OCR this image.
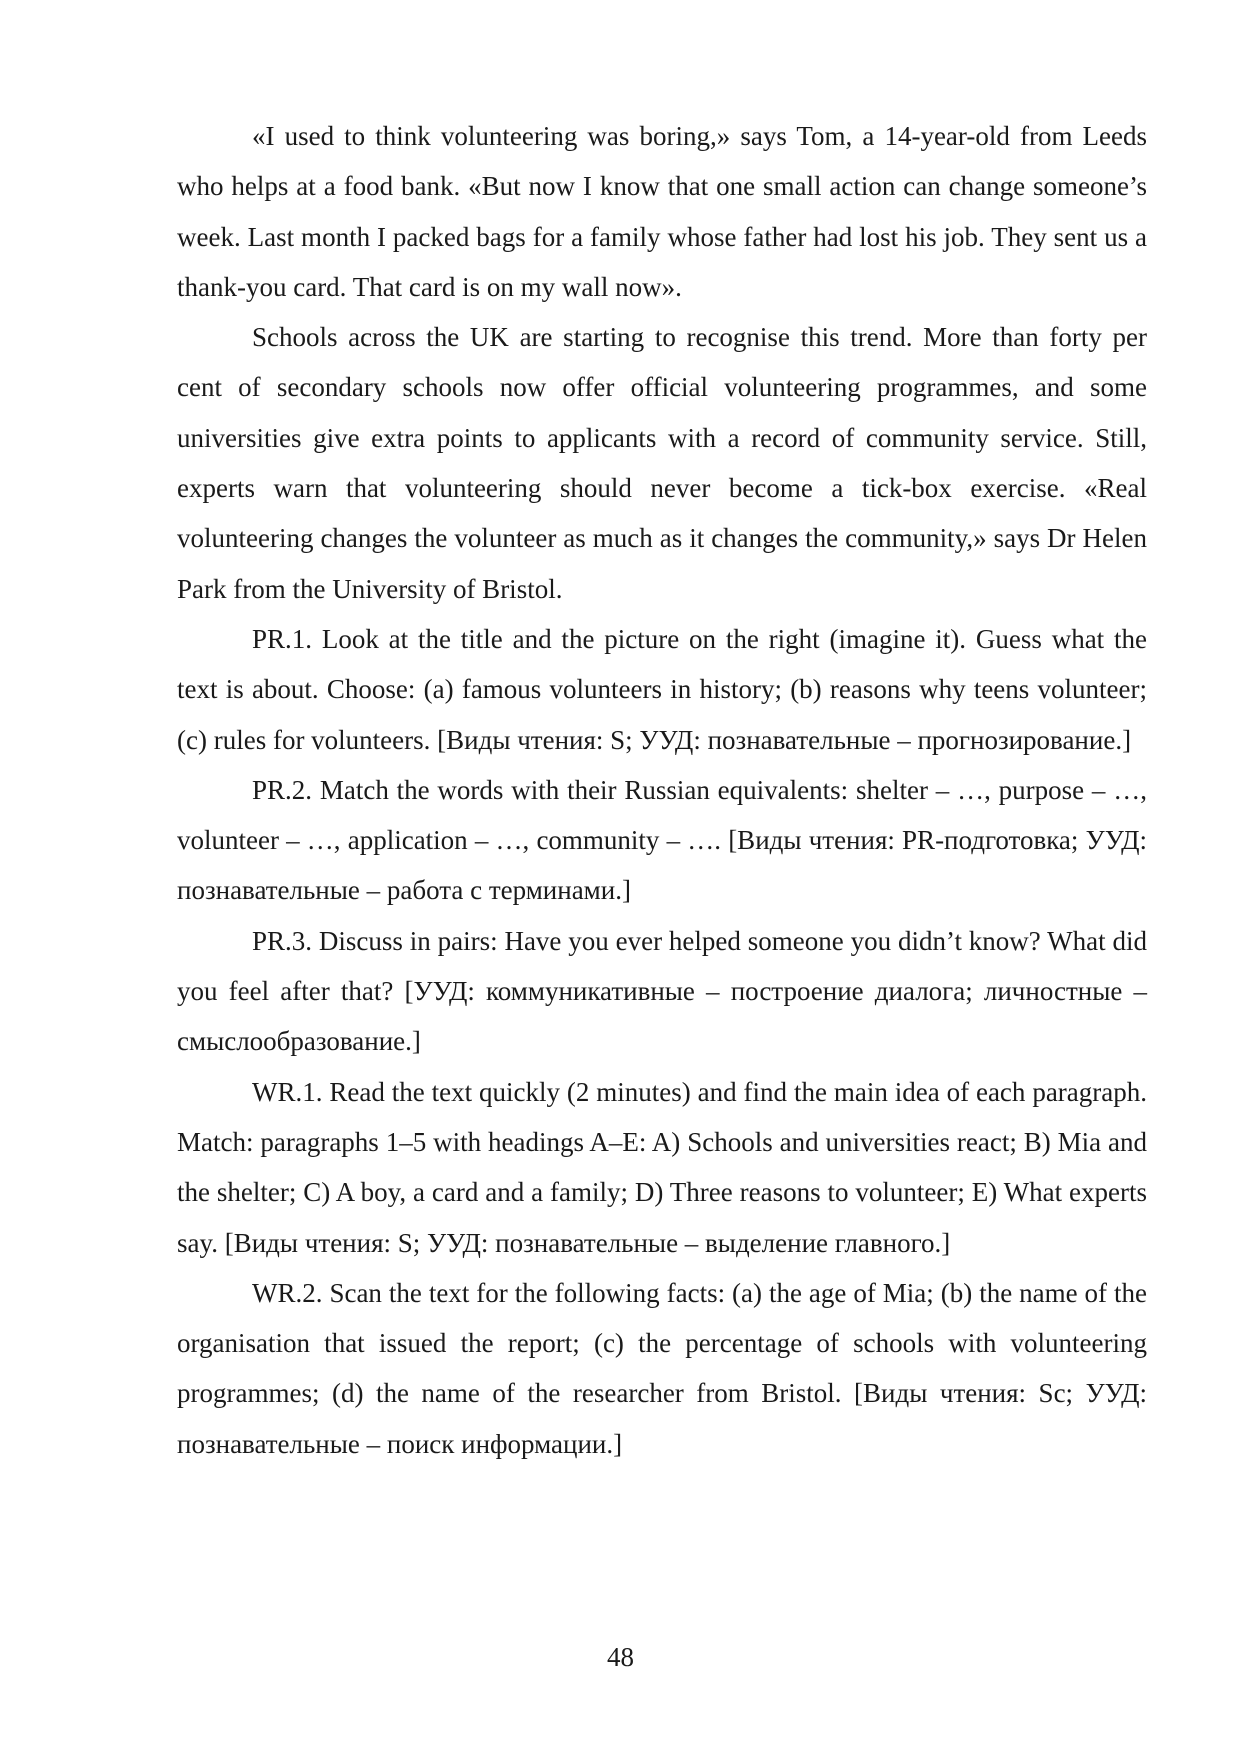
«I used to think volunteering was boring,» says Tom, a 14-year-old from Leeds who helps at a food bank. «But now I know that one small action can change someone’s week. Last month I packed bags for a family whose father had lost his job. They sent us a thank-you card. That card is on my wall now».

Schools across the UK are starting to recognise this trend. More than forty per cent of secondary schools now offer official volunteering programmes, and some universities give extra points to applicants with a record of community service. Still, experts warn that volunteering should never become a tick-box exercise. «Real volunteering changes the volunteer as much as it changes the community,» says Dr Helen Park from the University of Bristol.

PR.1. Look at the title and the picture on the right (imagine it). Guess what the text is about. Choose: (a) famous volunteers in history; (b) reasons why teens volunteer; (c) rules for volunteers. [Виды чтения: S; УУД: познавательные – прогнозирование.]

PR.2. Match the words with their Russian equivalents: shelter – …, purpose – …, volunteer – …, application – …, community – …. [Виды чтения: PR-подготовка; УУД: познавательные – работа с терминами.]

PR.3. Discuss in pairs: Have you ever helped someone you didn’t know? What did you feel after that? [УУД: коммуникативные – построение диалога; личностные – смыслообразование.]

WR.1. Read the text quickly (2 minutes) and find the main idea of each paragraph. Match: paragraphs 1–5 with headings A–E: A) Schools and universities react; B) Mia and the shelter; C) A boy, a card and a family; D) Three reasons to volunteer; E) What experts say. [Виды чтения: S; УУД: познавательные – выделение главного.]

WR.2. Scan the text for the following facts: (a) the age of Mia; (b) the name of the organisation that issued the report; (c) the percentage of schools with volunteering programmes; (d) the name of the researcher from Bristol. [Виды чтения: Sc; УУД: познавательные – поиск информации.]

48
